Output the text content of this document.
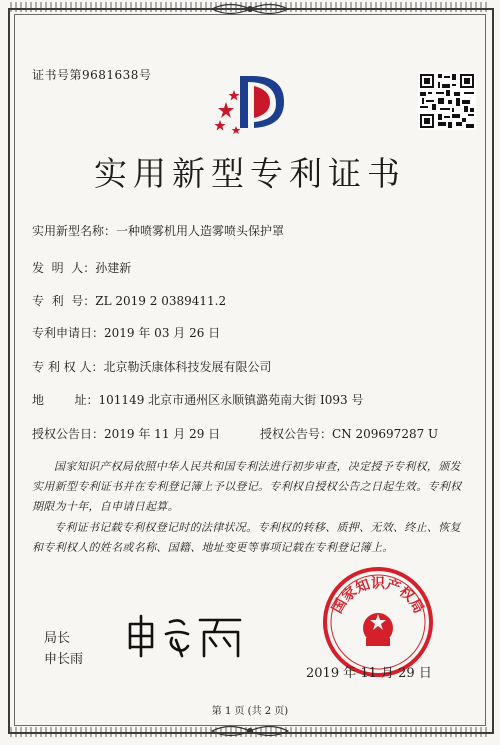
证书号第9681638号
实用新型专利证书
实用新型名称：一种喷雾机用人造雾喷头保护罩
发  明  人：孙建新
专  利  号：ZL 2019 2 0389411.2
专利申请日：2019 年 03 月 26 日
专 利 权 人：北京勒沃康体科技发展有限公司
地        址：101149 北京市通州区永顺镇潞苑南大街 I093 号
授权公告日：2019 年 11 月 29 日	授权公告号：CN 209697287 U
国家知识产权局依照中华人民共和国专利法进行初步审查，决定授予专利权，颁发实用新型专利证书并在专利登记簿上予以登记。专利权自授权公告之日起生效。专利权期限为十年，自申请日起算。
专利证书记载专利权登记时的法律状况。专利权的转移、质押、无效、终止、恢复和专利权人的姓名或名称、国籍、地址变更等事项记载在专利登记簿上。
局长
申长雨
国家知识产权局
2019 年 11 月 29 日
第 1 页 (共 2 页)
